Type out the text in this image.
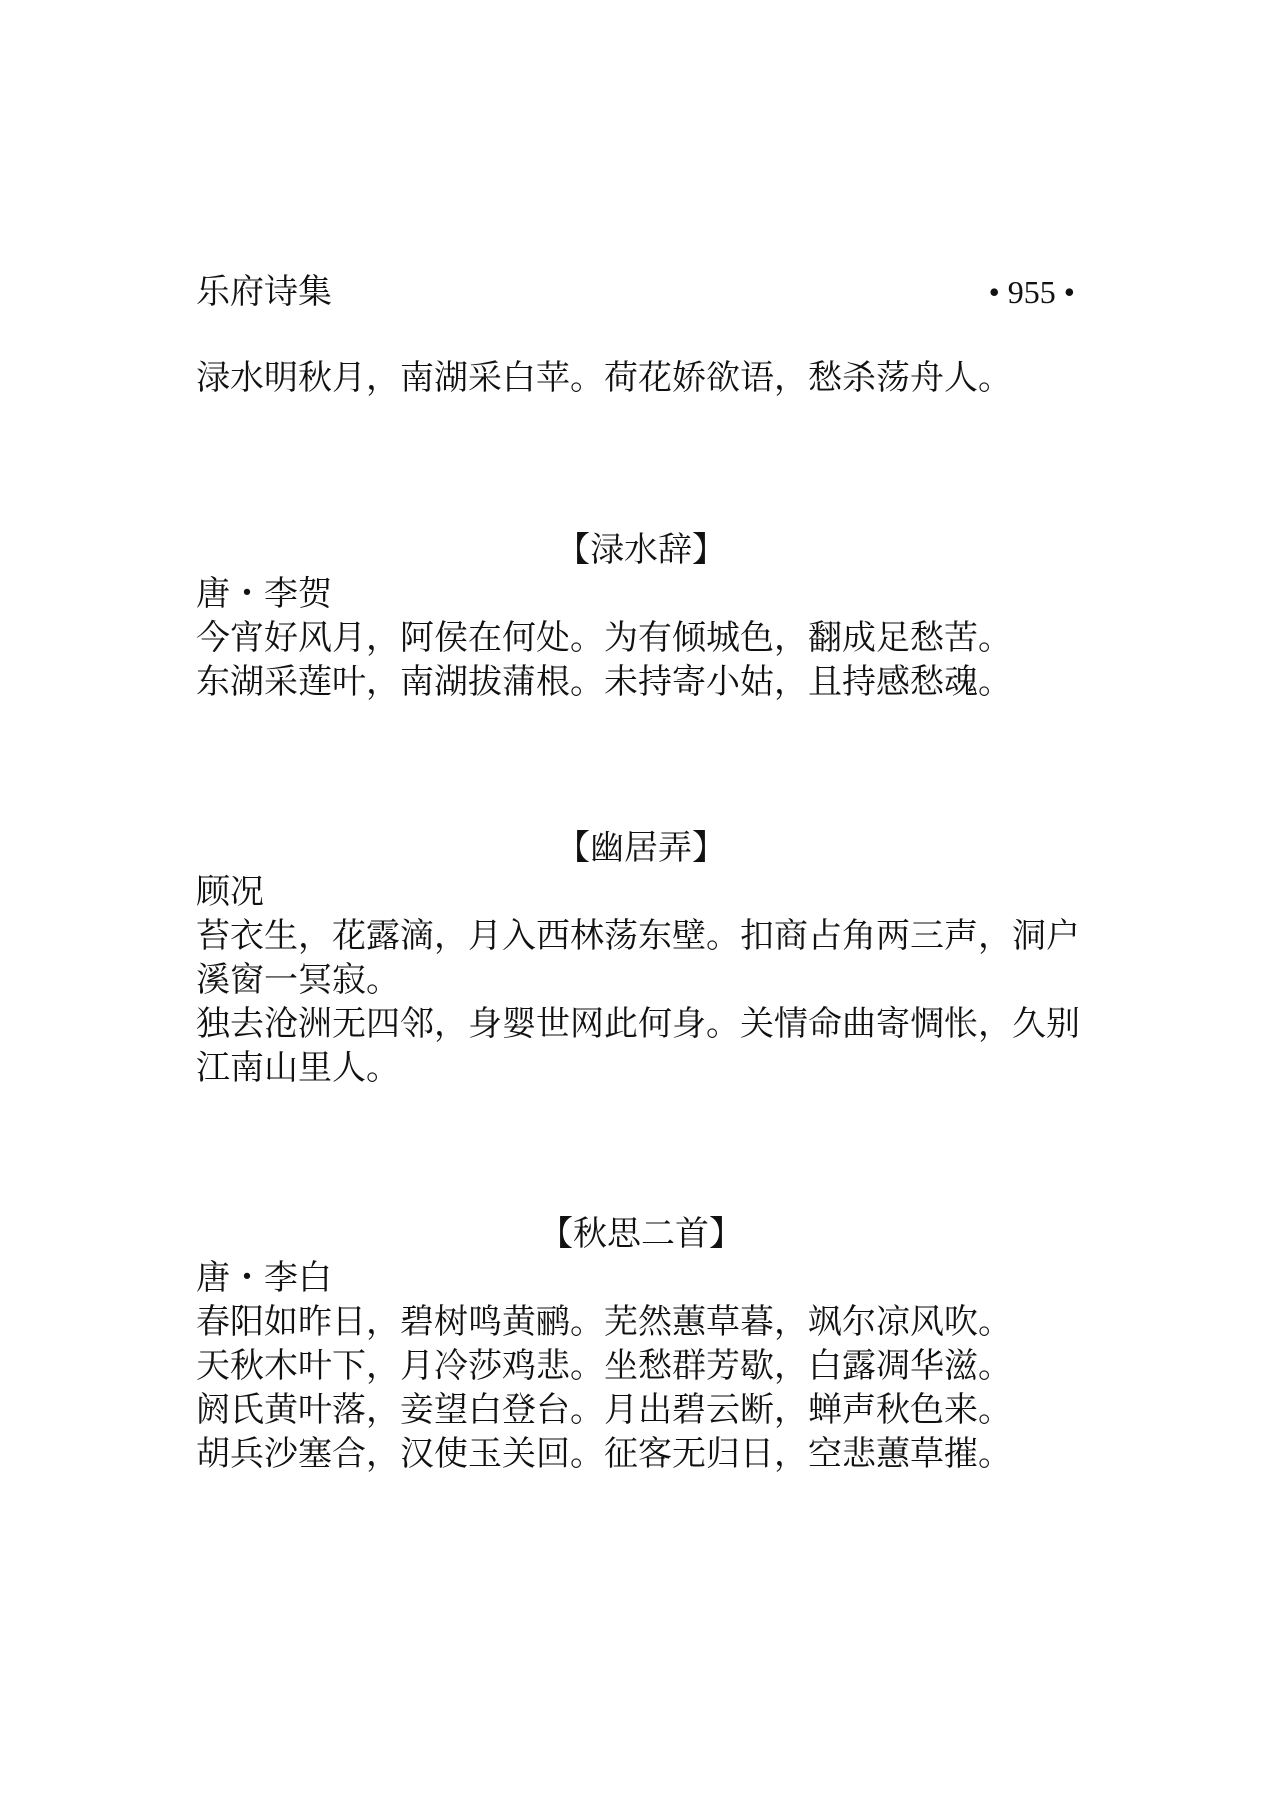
乐府诗集	• 955 •
渌水明秋月，南湖采白苹。荷花娇欲语，愁杀荡舟人。
【渌水辞】
唐・李贺
今宵好风月，阿侯在何处。为有倾城色，翻成足愁苦。
东湖采莲叶，南湖拔蒲根。未持寄小姑，且持感愁魂。
【幽居弄】
顾况
苔衣生，花露滴，月入西林荡东壁。扣商占角两三声，洞户溪窗一冥寂。
独去沧洲无四邻，身婴世网此何身。关情命曲寄惆怅，久别江南山里人。
【秋思二首】
唐・李白
春阳如昨日，碧树鸣黄鹂。芜然蕙草暮，飒尔凉风吹。
天秋木叶下，月冷莎鸡悲。坐愁群芳歇，白露凋华滋。
阏氏黄叶落，妾望白登台。月出碧云断，蝉声秋色来。
胡兵沙塞合，汉使玉关回。征客无归日，空悲蕙草摧。
